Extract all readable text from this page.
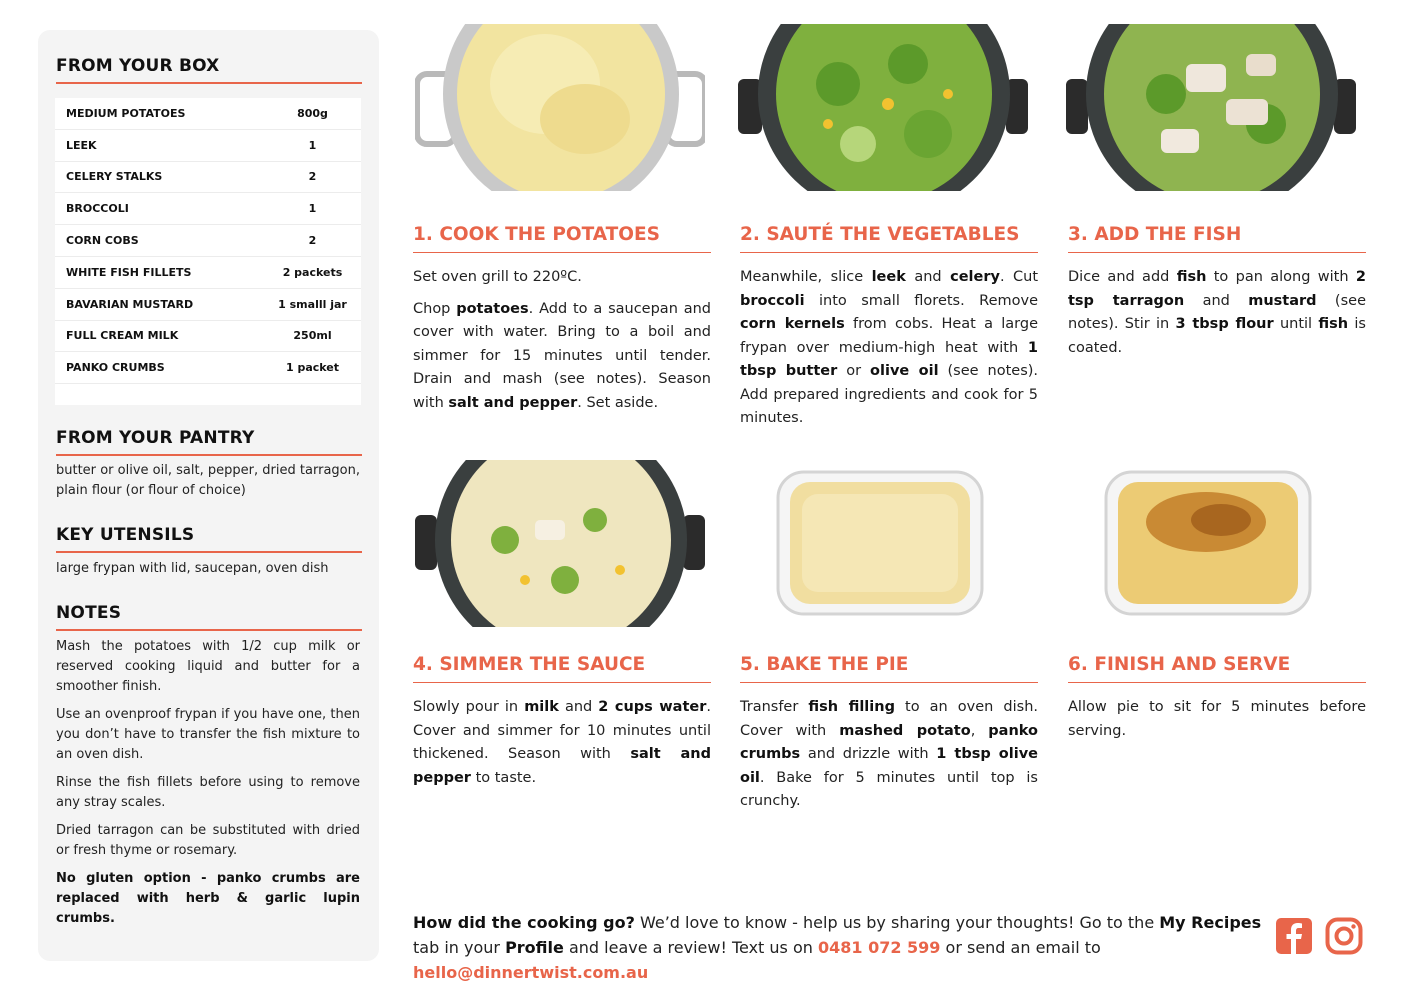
FROM YOUR BOX
MEDIUM POTATOES	800g
LEEK	1
CELERY STALKS	2
BROCCOLI	1
CORN COBS	2
WHITE FISH FILLETS	2 packets
BAVARIAN MUSTARD	1 smalll jar
FULL CREAM MILK	250ml
PANKO CRUMBS	1 packet
FROM YOUR PANTRY
butter or olive oil, salt, pepper, dried tarragon, plain flour (or flour of choice)
KEY UTENSILS
large frypan with lid, saucepan, oven dish
NOTES

Mash the potatoes with 1/2 cup milk or reserved cooking liquid and butter for a smoother finish.

Use an ovenproof frypan if you have one, then you don’t have to transfer the fish mixture to an oven dish.

Rinse the fish fillets before using to remove any stray scales.

Dried tarragon can be substituted with dried or fresh thyme or rosemary.

No gluten option - panko crumbs are replaced with herb & garlic lupin crumbs.

1. COOK THE POTATOES

Set oven grill to 220ºC.

Chop potatoes. Add to a saucepan and cover with water. Bring to a boil and simmer for 15 minutes until tender. Drain and mash (see notes). Season with salt and pepper. Set aside.

2. SAUTÉ THE VEGETABLES

Meanwhile, slice leek and celery. Cut broccoli into small florets. Remove corn kernels from cobs. Heat a large frypan over medium-high heat with 1 tbsp butter or olive oil (see notes). Add prepared ingredients and cook for 5 minutes.

3. ADD THE FISH

Dice and add fish to pan along with 2 tsp tarragon and mustard (see notes). Stir in 3 tbsp flour until fish is coated.

4. SIMMER THE SAUCE

Slowly pour in milk and 2 cups water. Cover and simmer for 10 minutes until thickened. Season with salt and pepper to taste.

5. BAKE THE PIE

Transfer fish filling to an oven dish. Cover with mashed potato, panko crumbs and drizzle with 1 tbsp olive oil. Bake for 5 minutes until top is crunchy.

6. FINISH AND SERVE

Allow pie to sit for 5 minutes before serving.

How did the cooking go? We’d love to know - help us by sharing your thoughts! Go to the My Recipes tab in your Profile and leave a review! Text us on 0481 072 599 or send an email to hello@dinnertwist.com.au
